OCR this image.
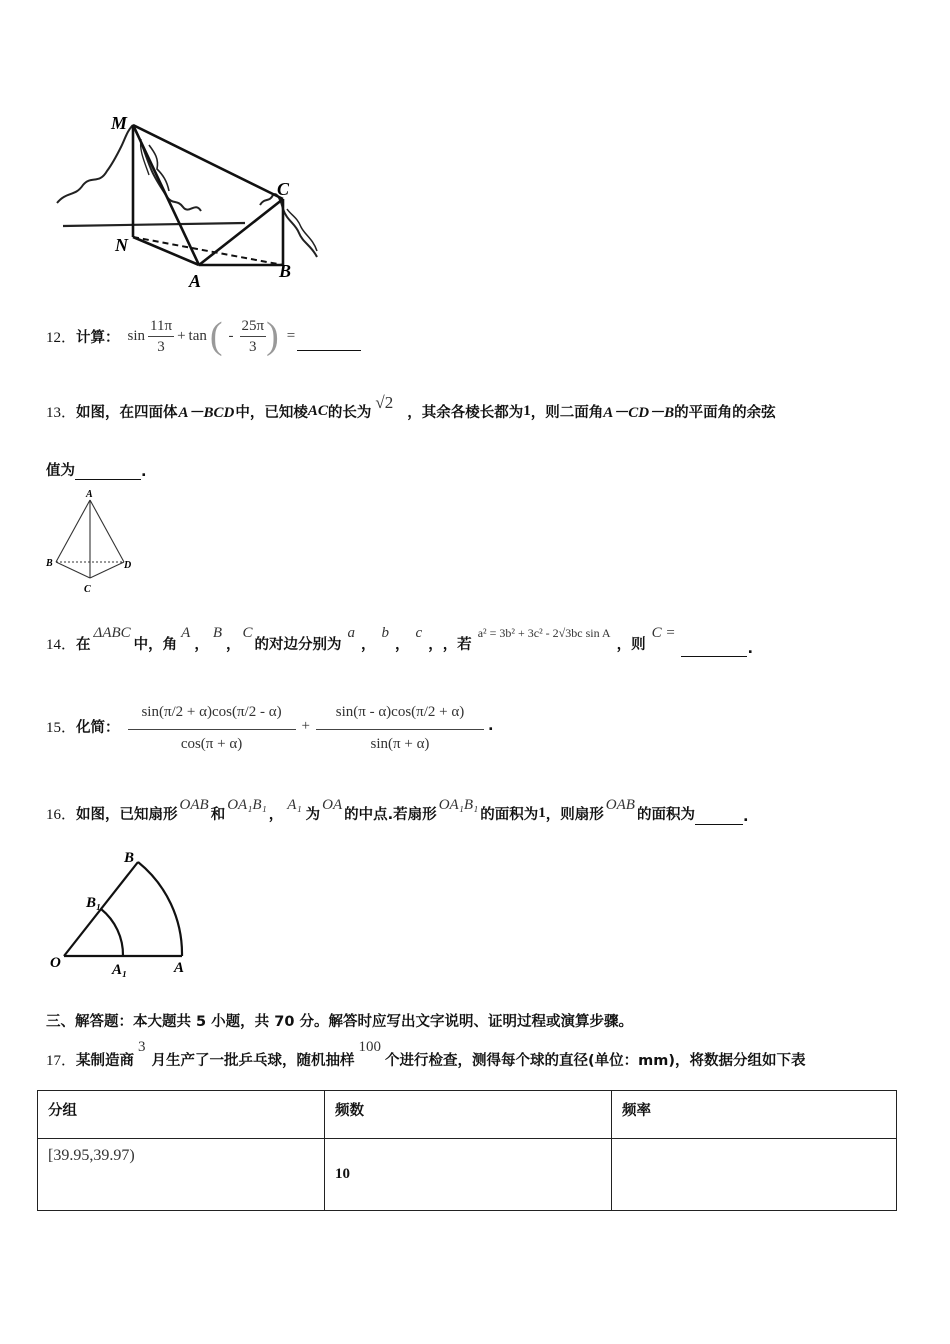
M
C
N
A	B
12． 计算： $\sin \frac{11\pi}{3} + \tan$ ( - $\frac{25\pi}{3}$ ) =
13． 如图，在四面体 A－BCD 中，已知棱 AC 的长为
√2
，其余各棱长都为 1 ，则二面角 A－CD－B 的平面角的余弦
值为	.
A
B
C
D
14． 在
ΔABC
中，角
A
，
B
，
C
的对边分别为
a
，
b
，
c
， ，若
a² = 3b² + 3c² - 2√3bc sin A
，则
C =
.
15． 化简： $\frac{\sin(\pi/2 + \alpha)\cos(\pi/2 - \alpha)}{\cos(\pi + \alpha)} + \frac{\sin(\pi - \alpha)\cos(\pi/2 + \alpha)}{\sin(\pi + \alpha)}$ .
16． 如图，已知扇形
OAB
和
OA₁B₁
，
A₁
为
OA
的中点.若扇形
OA₁B₁
的面积为 1 ，则扇形
OAB
的面积为	.
O	A₁	A
B₁
B
三、解答题：本大题共 5 小题，共 70 分。解答时应写出文字说明、证明过程或演算步骤。
17． 某制造商
3
月生产了一批乒乓球，随机抽样
100
个进行检查，测得每个球的直径(单位：mm)，将数据分组如下表
分组	频数	频率
[39.95,39.97)	10	
